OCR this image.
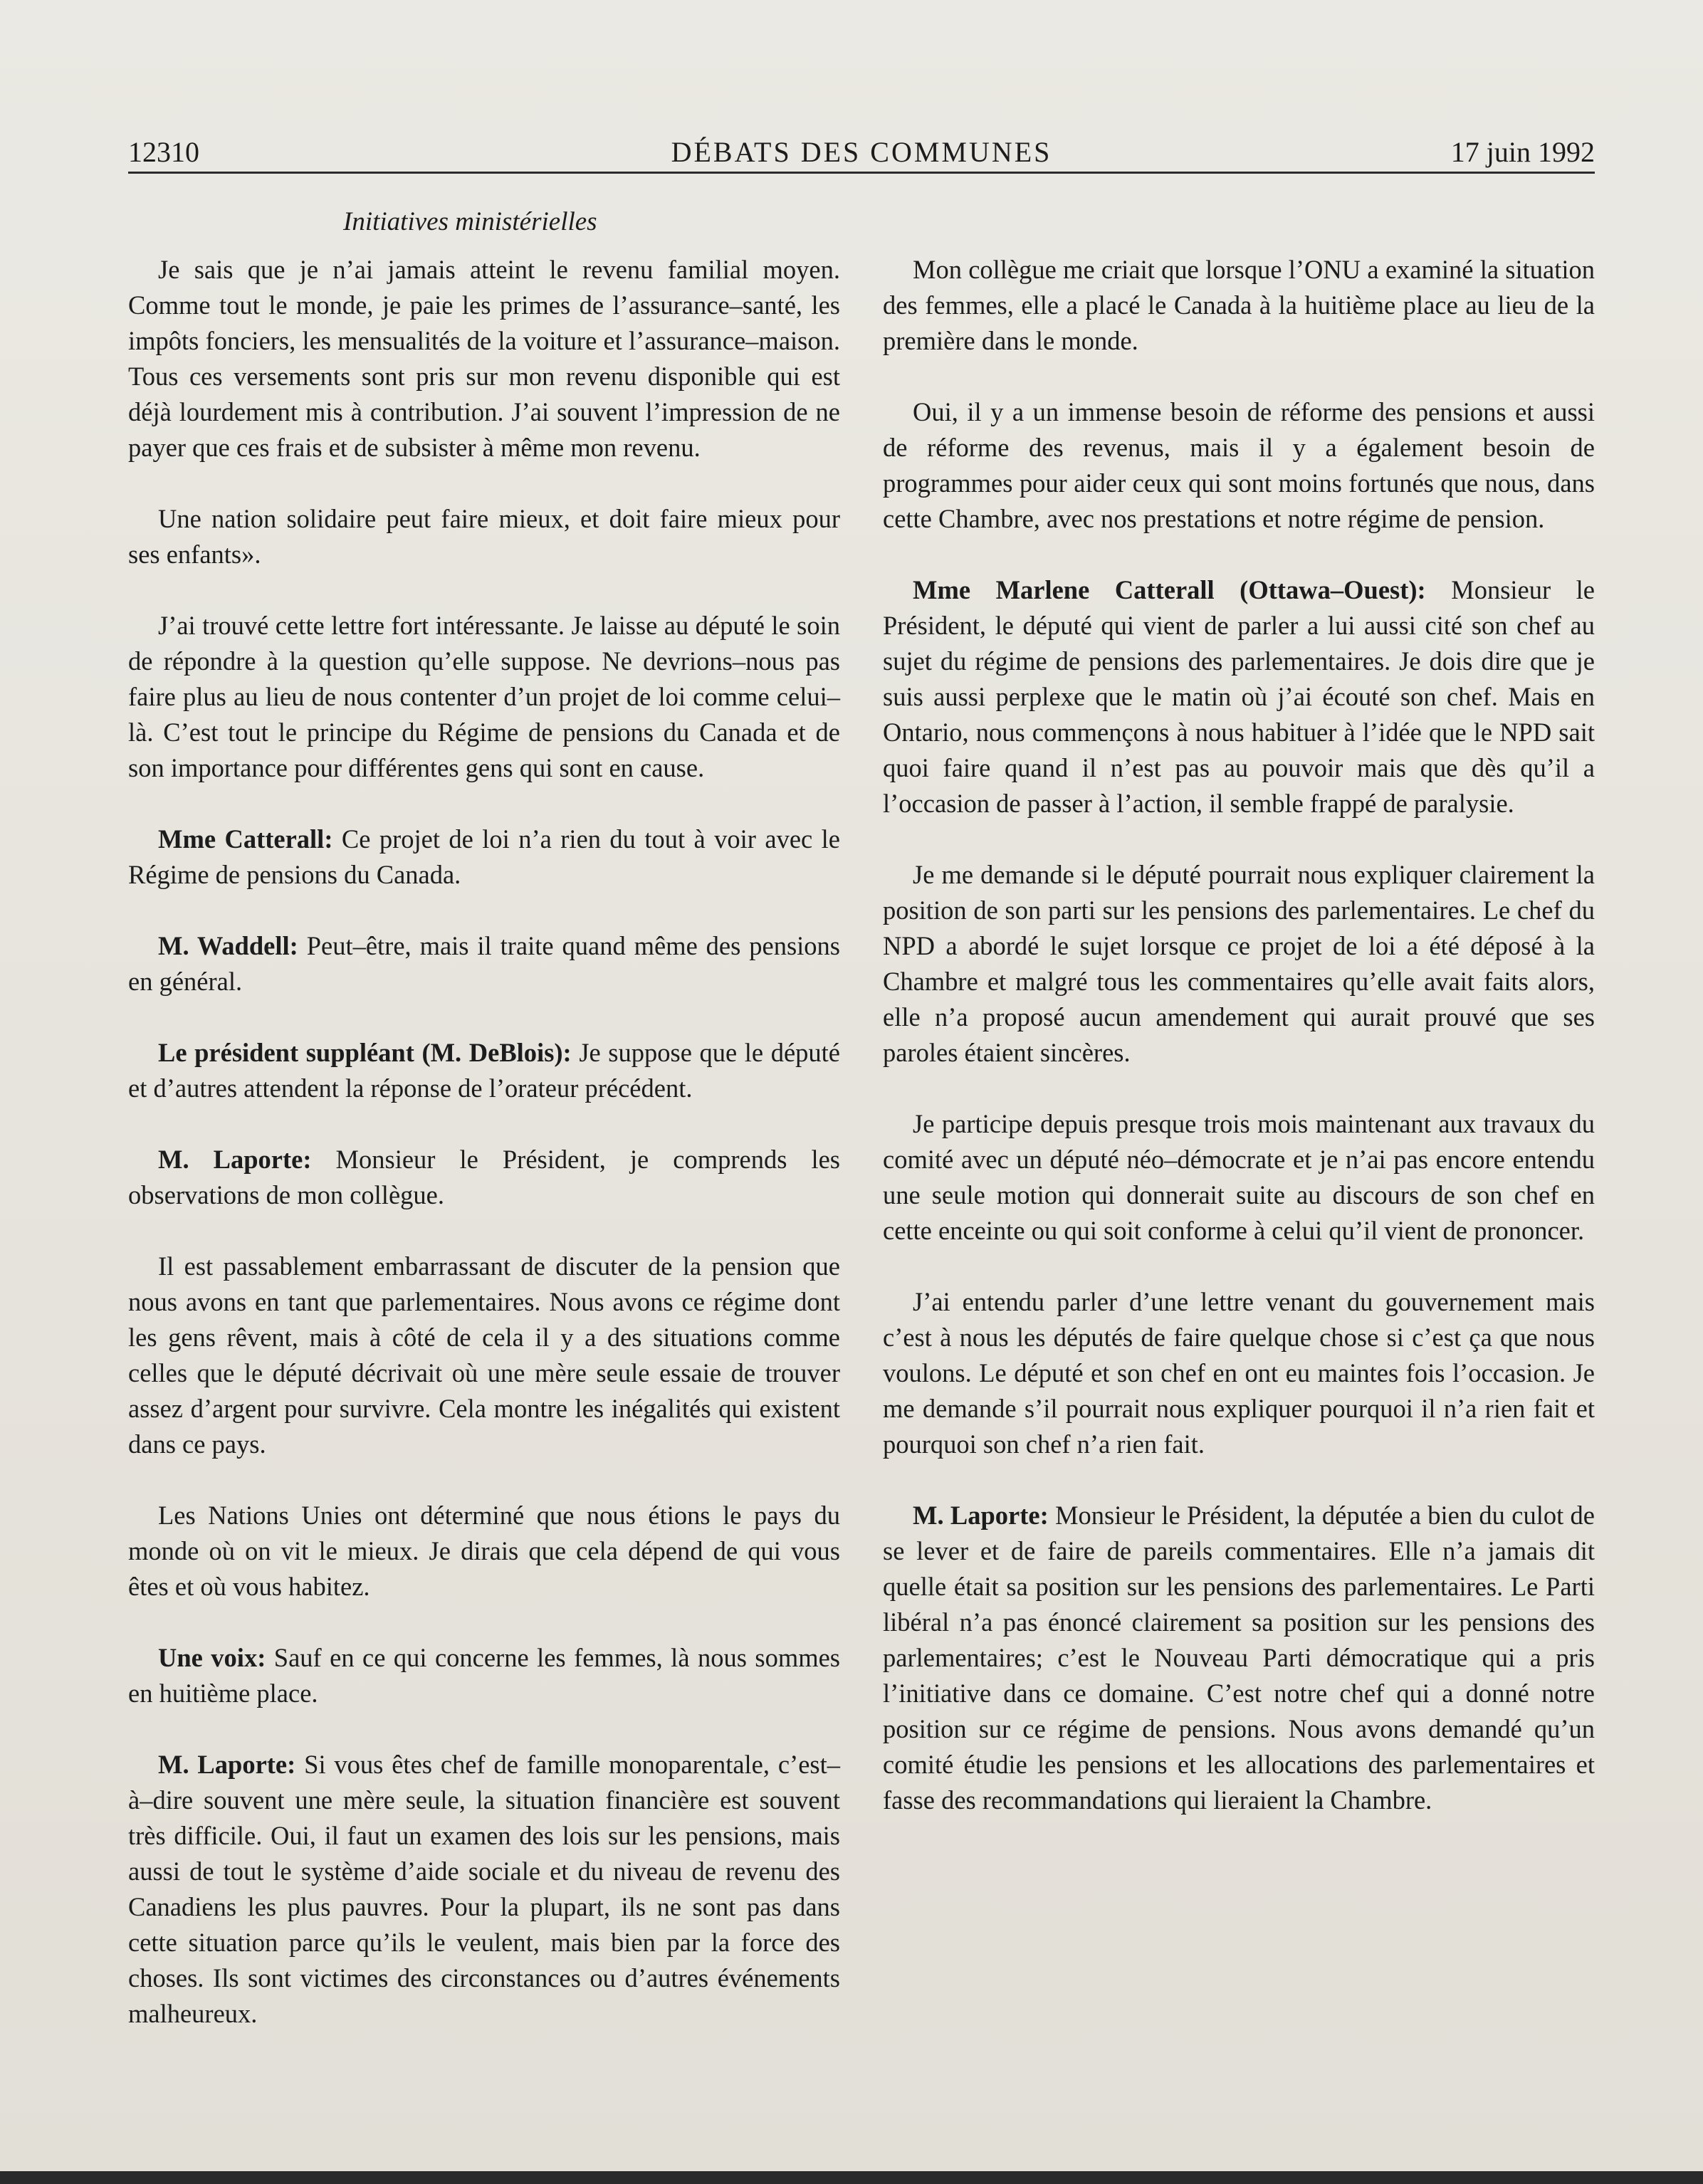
12310	DÉBATS DES COMMUNES	17 juin 1992
Initiatives ministérielles

Je sais que je n’ai jamais atteint le revenu familial moyen. Comme tout le monde, je paie les primes de l’assurance–santé, les impôts fonciers, les mensualités de la voiture et l’assurance–maison. Tous ces versements sont pris sur mon revenu disponible qui est déjà lourdement mis à contribution. J’ai souvent l’impression de ne payer que ces frais et de subsister à même mon revenu.

Une nation solidaire peut faire mieux, et doit faire mieux pour ses enfants».

J’ai trouvé cette lettre fort intéressante. Je laisse au député le soin de répondre à la question qu’elle suppose. Ne devrions–nous pas faire plus au lieu de nous contenter d’un projet de loi comme celui–là. C’est tout le principe du Régime de pensions du Canada et de son importance pour différentes gens qui sont en cause.

Mme Catterall: Ce projet de loi n’a rien du tout à voir avec le Régime de pensions du Canada.

M. Waddell: Peut–être, mais il traite quand même des pensions en général.

Le président suppléant (M. DeBlois): Je suppose que le député et d’autres attendent la réponse de l’orateur précédent.

M. Laporte: Monsieur le Président, je comprends les observations de mon collègue.

Il est passablement embarrassant de discuter de la pension que nous avons en tant que parlementaires. Nous avons ce régime dont les gens rêvent, mais à côté de cela il y a des situations comme celles que le député décrivait où une mère seule essaie de trouver assez d’argent pour survivre. Cela montre les inégalités qui existent dans ce pays.

Les Nations Unies ont déterminé que nous étions le pays du monde où on vit le mieux. Je dirais que cela dépend de qui vous êtes et où vous habitez.

Une voix: Sauf en ce qui concerne les femmes, là nous sommes en huitième place.

M. Laporte: Si vous êtes chef de famille monoparentale, c’est–à–dire souvent une mère seule, la situation financière est souvent très difficile. Oui, il faut un examen des lois sur les pensions, mais aussi de tout le système d’aide sociale et du niveau de revenu des Canadiens les plus pauvres. Pour la plupart, ils ne sont pas dans cette situation parce qu’ils le veulent, mais bien par la force des choses. Ils sont victimes des circonstances ou d’autres événements malheureux.

Mon collègue me criait que lorsque l’ONU a examiné la situation des femmes, elle a placé le Canada à la huitième place au lieu de la première dans le monde.

Oui, il y a un immense besoin de réforme des pensions et aussi de réforme des revenus, mais il y a également besoin de programmes pour aider ceux qui sont moins fortunés que nous, dans cette Chambre, avec nos prestations et notre régime de pension.

Mme Marlene Catterall (Ottawa–Ouest): Monsieur le Président, le député qui vient de parler a lui aussi cité son chef au sujet du régime de pensions des parlementaires. Je dois dire que je suis aussi perplexe que le matin où j’ai écouté son chef. Mais en Ontario, nous commençons à nous habituer à l’idée que le NPD sait quoi faire quand il n’est pas au pouvoir mais que dès qu’il a l’occasion de passer à l’action, il semble frappé de paralysie.

Je me demande si le député pourrait nous expliquer clairement la position de son parti sur les pensions des parlementaires. Le chef du NPD a abordé le sujet lorsque ce projet de loi a été déposé à la Chambre et malgré tous les commentaires qu’elle avait faits alors, elle n’a proposé aucun amendement qui aurait prouvé que ses paroles étaient sincères.

Je participe depuis presque trois mois maintenant aux travaux du comité avec un député néo–démocrate et je n’ai pas encore entendu une seule motion qui donnerait suite au discours de son chef en cette enceinte ou qui soit conforme à celui qu’il vient de prononcer.

J’ai entendu parler d’une lettre venant du gouvernement mais c’est à nous les députés de faire quelque chose si c’est ça que nous voulons. Le député et son chef en ont eu maintes fois l’occasion. Je me demande s’il pourrait nous expliquer pourquoi il n’a rien fait et pourquoi son chef n’a rien fait.

M. Laporte: Monsieur le Président, la députée a bien du culot de se lever et de faire de pareils commentaires. Elle n’a jamais dit quelle était sa position sur les pensions des parlementaires. Le Parti libéral n’a pas énoncé clairement sa position sur les pensions des parlementaires; c’est le Nouveau Parti démocratique qui a pris l’initiative dans ce domaine. C’est notre chef qui a donné notre position sur ce régime de pensions. Nous avons demandé qu’un comité étudie les pensions et les allocations des parlementaires et fasse des recommandations qui lieraient la Chambre.
